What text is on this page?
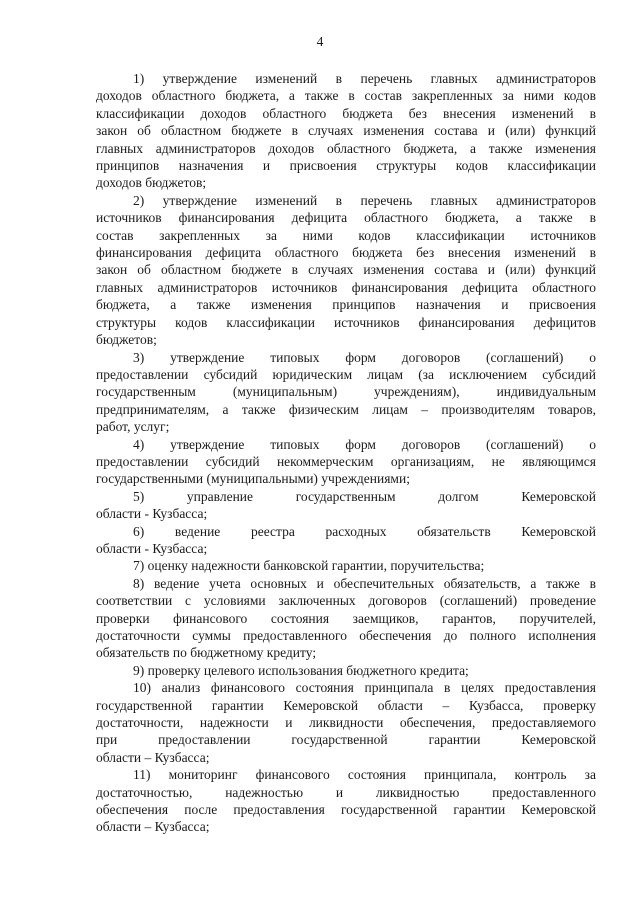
4

1) утверждение изменений в перечень главных администраторов
доходов областного бюджета, а также в состав закрепленных за ними кодов
классификации доходов областного бюджета без внесения изменений в
закон об областном бюджете в случаях изменения состава и (или) функций
главных администраторов доходов областного бюджета, а также изменения
принципов назначения и присвоения структуры кодов классификации
доходов бюджетов;

2) утверждение изменений в перечень главных администраторов
источников финансирования дефицита областного бюджета, а также в
состав закрепленных за ними кодов классификации источников
финансирования дефицита областного бюджета без внесения изменений в
закон об областном бюджете в случаях изменения состава и (или) функций
главных администраторов источников финансирования дефицита областного
бюджета, а также изменения принципов назначения и присвоения
структуры кодов классификации источников финансирования дефицитов
бюджетов;

3) утверждение типовых форм договоров (соглашений) о
предоставлении субсидий юридическим лицам (за исключением субсидий
государственным (муниципальным) учреждениям), индивидуальным
предпринимателям, а также физическим лицам – производителям товаров,
работ, услуг;

4) утверждение типовых форм договоров (соглашений) о
предоставлении субсидий некоммерческим организациям, не являющимся
государственными (муниципальными) учреждениями;

5) управление государственным долгом Кемеровской
области - Кузбасса;

6) ведение реестра расходных обязательств Кемеровской
области - Кузбасса;

7) оценку надежности банковской гарантии, поручительства;

8) ведение учета основных и обеспечительных обязательств, а также в
соответствии с условиями заключенных договоров (соглашений) проведение
проверки финансового состояния заемщиков, гарантов, поручителей,
достаточности суммы предоставленного обеспечения до полного исполнения
обязательств по бюджетному кредиту;

9) проверку целевого использования бюджетного кредита;

10) анализ финансового состояния принципала в целях предоставления
государственной гарантии Кемеровской области – Кузбасса, проверку
достаточности, надежности и ликвидности обеспечения, предоставляемого
при предоставлении государственной гарантии Кемеровской
области – Кузбасса;

11) мониторинг финансового состояния принципала, контроль за
достаточностью, надежностью и ликвидностью предоставленного
обеспечения после предоставления государственной гарантии Кемеровской
области – Кузбасса;
